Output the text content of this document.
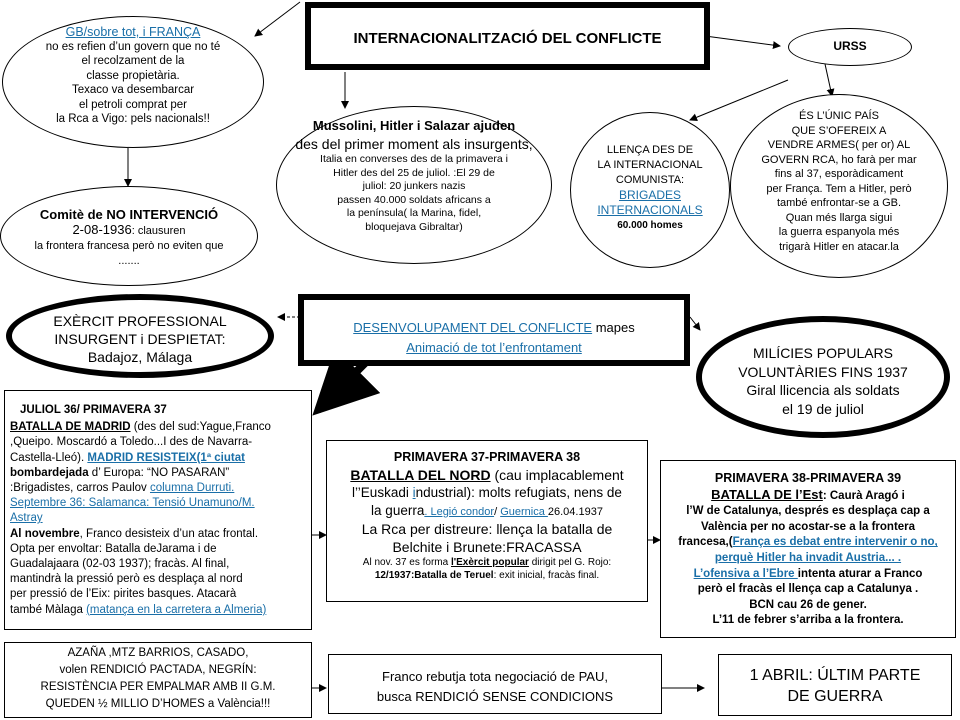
INTERNACIONALITZACIÓ DEL CONFLICTE
GB/sobre tot, i FRANÇA
no es refien d’un govern que no té
el recolzament de la
classe propietària.
Texaco va desembarcar
el petroli comprat per
la Rca a Vigo: pels nacionals!!
Comitè de NO INTERVENCIÓ
2-08-1936: clausuren
la frontera francesa però no eviten que
.......
Mussolini, Hitler i Salazar ajuden
des del primer moment als insurgents,
Italia en converses des de la primavera i
Hitler des del 25 de juliol. :El 29 de
juliol: 20 junkers nazis
passen 40.000 soldats africans a
la península( la Marina, fidel,
bloquejava Gibraltar)
URSS
LLENÇA DES DE
LA INTERNACIONAL
COMUNISTA:
BRIGADES
INTERNACIONALS
60.000 homes
ÉS L’ÚNIC PAÍS
QUE S’OFEREIX A
VENDRE ARMES( per or) AL
GOVERN RCA, ho farà per mar
fins al 37, esporàdicament
per França. Tem a Hitler, però
també enfrontar-se a GB.
Quan més llarga sigui
la guerra espanyola més
trigarà Hitler en atacar.la
EXÈRCIT PROFESSIONAL
INSURGENT i DESPIETAT:
Badajoz, Málaga
DESENVOLUPAMENT DEL CONFLICTE mapes
Animació de tot l’enfrontament	MILÍCIES POPULARS
VOLUNTÀRIES FINS 1937
Giral llicencia als soldats
el 19 de juliol
JULIOL 36/ PRIMAVERA 37
BATALLA DE MADRID (des del sud:Yague,Franco
,Queipo. Moscardó a Toledo...I des de Navarra-
Castella-Lleó). MADRID RESISTEIX(1ª ciutat
bombardejada d’ Europa: “NO PASARAN”
:Brigadistes, carros Paulov columna Durruti.
Septembre 36: Salamanca: Tensió Unamuno/M.
Astray
Al novembre, Franco desisteix d’un atac frontal.
Opta per envoltar: Batalla deJarama i de
Guadalajaara (02-03 1937); fracàs. Al final,
mantindrà la pressió però es desplaça al nord
per pressió de l’Eix: pirites basques. Atacarà
també Màlaga (matança en la carretera a Almeria)
PRIMAVERA 37-PRIMAVERA 38
BATALLA DEL NORD (cau implacablement
l’’Euskadi industrial): molts refugiats, nens de
la guerra. Legió condor/ Guernica 26.04.1937
La Rca per distreure: llença la batalla de
Belchite i Brunete:FRACASSA
Al nov. 37 es forma l'Exèrcit popular dirigit pel G. Rojo:
12/1937:Batalla de Teruel: exit inicial, fracàs final.
PRIMAVERA 38-PRIMAVERA 39
BATALLA DE l’Est: Caurà Aragó i
l’W de Catalunya, després es desplaça cap a
València per no acostar-se a la frontera
francesa,(França es debat entre intervenir o no,
perquè Hitler ha invadit Austria... .
L’ofensiva a l’Ebre intenta aturar a Franco
però el fracàs el llença cap a Catalunya .
BCN cau 26 de gener.
L’11 de febrer s’arriba a la frontera.
AZAÑA ,MTZ BARRIOS, CASADO,
volen RENDICIÓ PACTADA, NEGRÍN:
RESISTÈNCIA PER EMPALMAR AMB II G.M.
QUEDEN ½ MILLIO D’HOMES a València!!!
Franco rebutja tota negociació de PAU,
busca RENDICIÓ SENSE CONDICIONS
1 ABRIL: ÚLTIM PARTE
DE GUERRA
